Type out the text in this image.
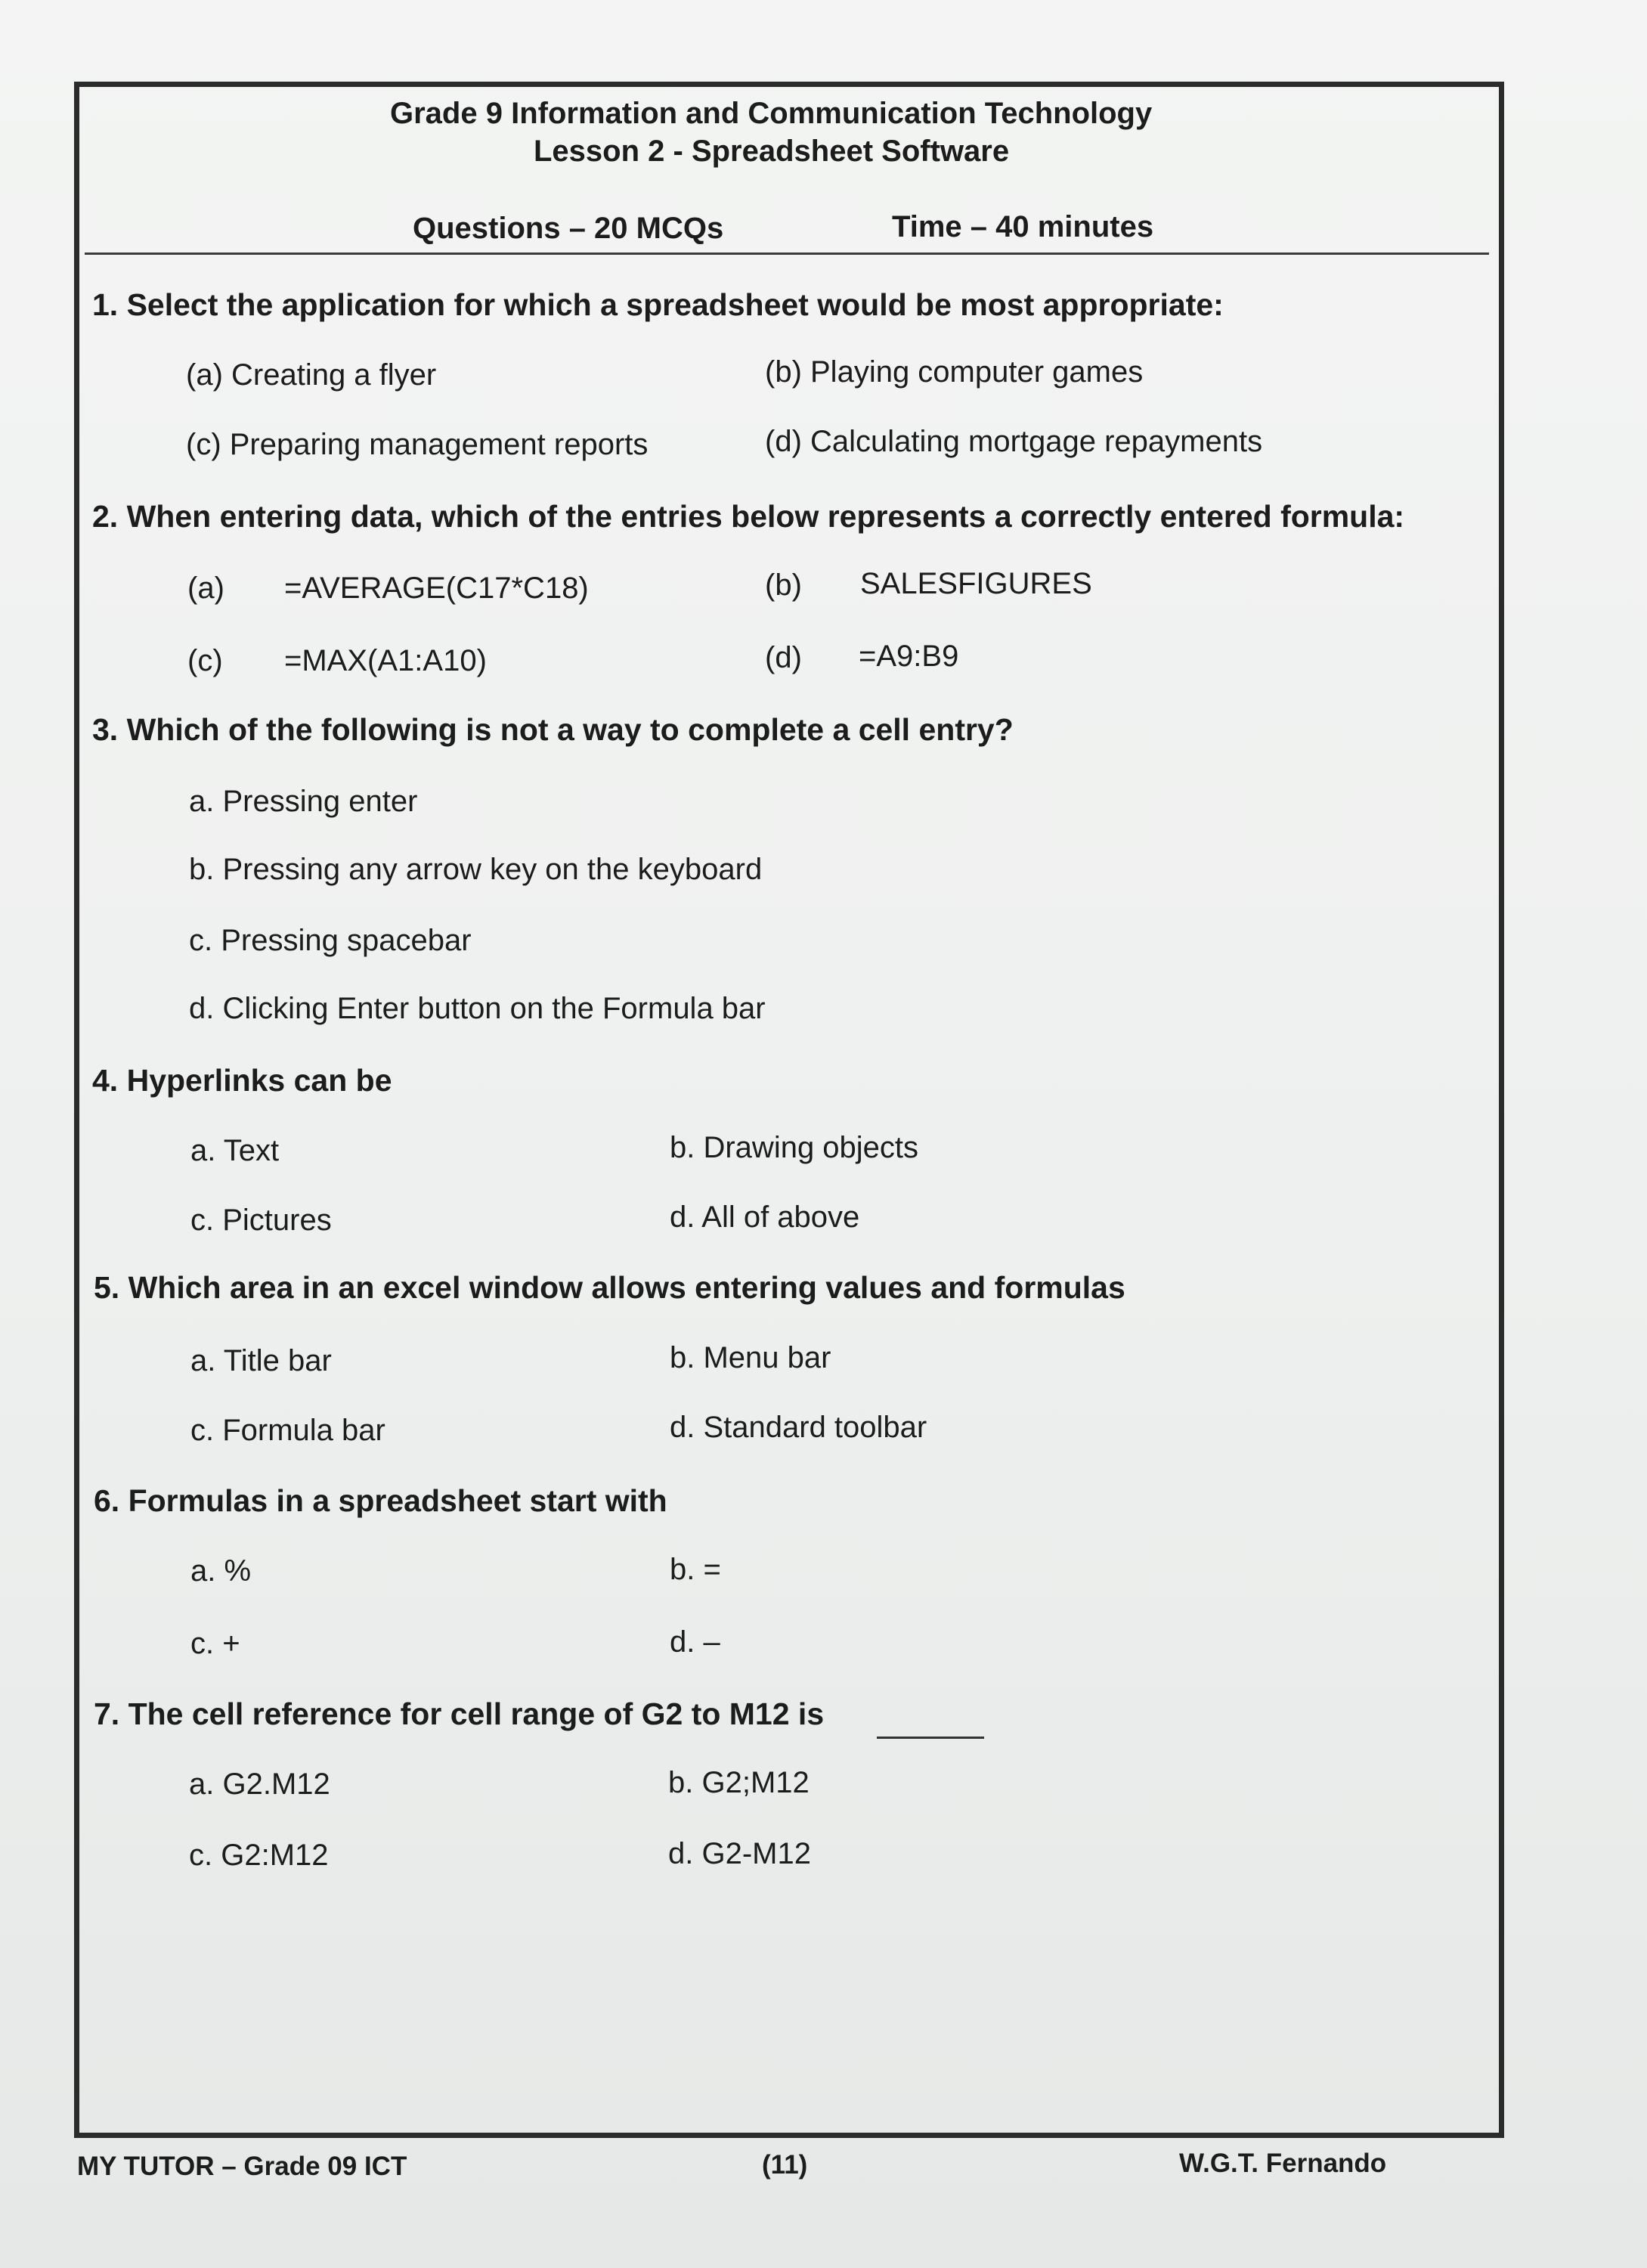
Grade 9 Information and Communication Technology
Lesson 2 - Spreadsheet Software
Questions – 20 MCQs	Time – 40 minutes
1. Select the application for which a spreadsheet would be most appropriate:
(a) Creating a flyer	(b) Playing computer games
(c) Preparing management reports	(d) Calculating mortgage repayments
2. When entering data, which of the entries below represents a correctly entered formula:
(a) =AVERAGE(C17*C18)	(b) SALESFIGURES
(c) =MAX(A1:A10)	(d) =A9:B9
3. Which of the following is not a way to complete a cell entry?
a. Pressing enter
b. Pressing any arrow key on the keyboard
c. Pressing spacebar
d. Clicking Enter button on the Formula bar
4. Hyperlinks can be
a. Text	b. Drawing objects
c. Pictures	d. All of above
5. Which area in an excel window allows entering values and formulas
a. Title bar	b. Menu bar
c. Formula bar	d. Standard toolbar
6. Formulas in a spreadsheet start with
a. %	b. =
c. +	d. –
7. The cell reference for cell range of G2 to M12 is
a. G2.M12	b. G2;M12
c. G2:M12	d. G2-M12
MY TUTOR – Grade 09 ICT	(11)	W.G.T. Fernando
